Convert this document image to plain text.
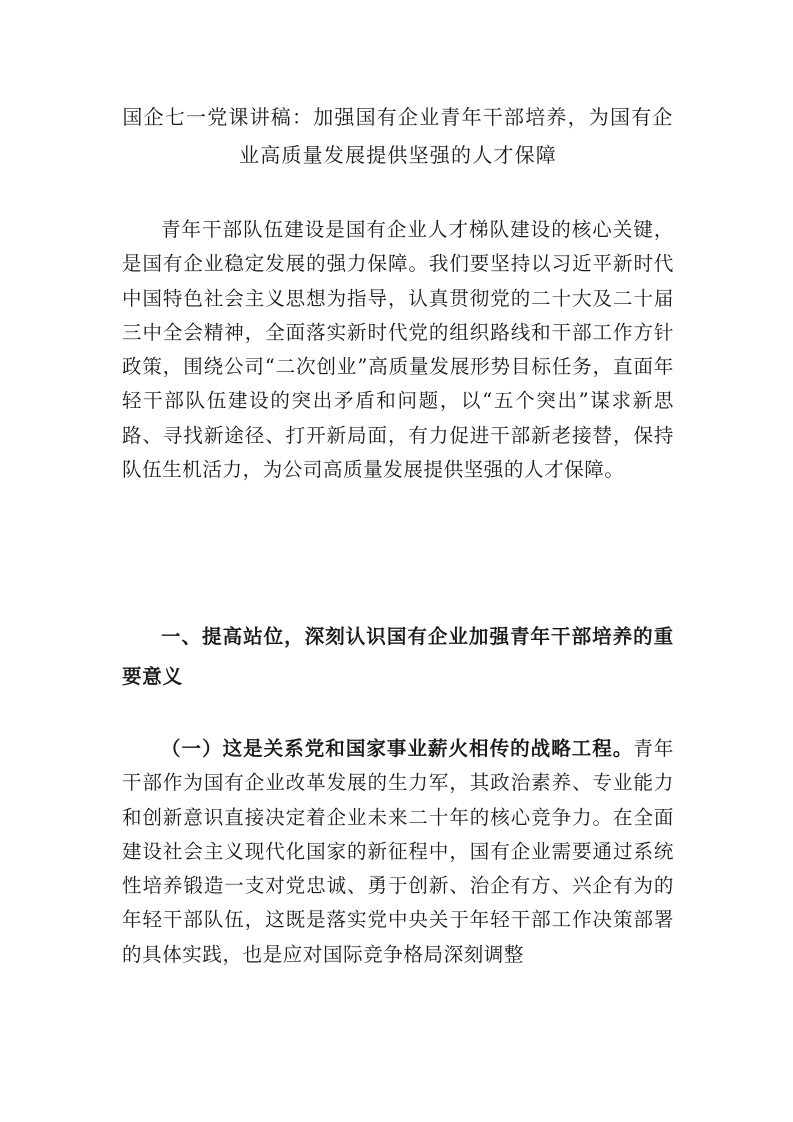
国企七一党课讲稿：加强国有企业青年干部培养，为国有企业高质量发展提供坚强的人才保障

青年干部队伍建设是国有企业人才梯队建设的核心关键，是国有企业稳定发展的强力保障。我们要坚持以习近平新时代中国特色社会主义思想为指导，认真贯彻党的二十大及二十届三中全会精神，全面落实新时代党的组织路线和干部工作方针政策，围绕公司“二次创业”高质量发展形势目标任务，直面年轻干部队伍建设的突出矛盾和问题，以“五个突出”谋求新思路、寻找新途径、打开新局面，有力促进干部新老接替，保持队伍生机活力，为公司高质量发展提供坚强的人才保障。

一、提高站位，深刻认识国有企业加强青年干部培养的重要意义

（一）这是关系党和国家事业薪火相传的战略工程。青年干部作为国有企业改革发展的生力军，其政治素养、专业能力和创新意识直接决定着企业未来二十年的核心竞争力。在全面建设社会主义现代化国家的新征程中，国有企业需要通过系统性培养锻造一支对党忠诚、勇于创新、治企有方、兴企有为的年轻干部队伍，这既是落实党中央关于年轻干部工作决策部署的具体实践，也是应对国际竞争格局深刻调整
